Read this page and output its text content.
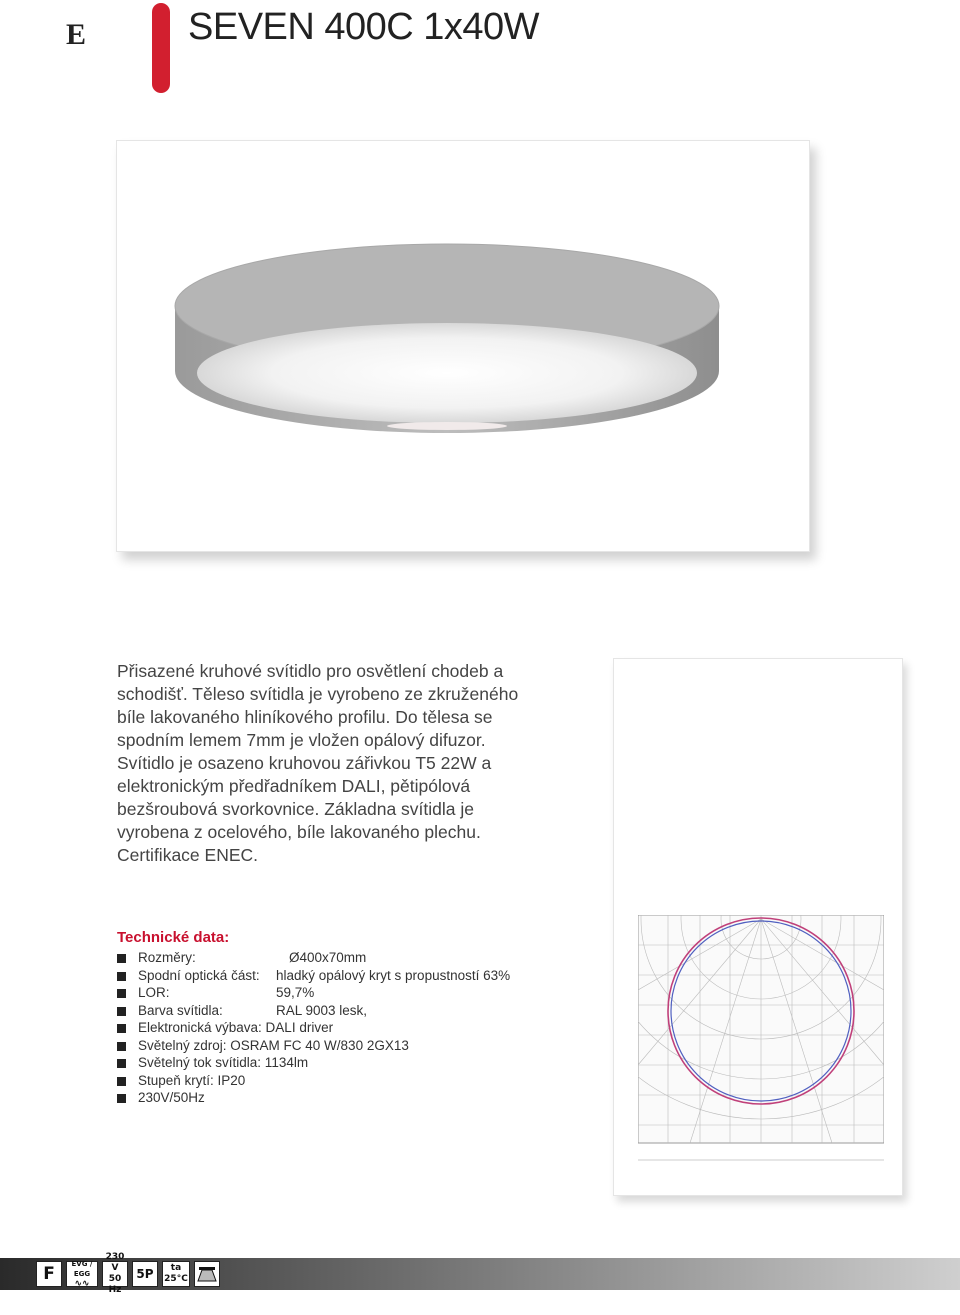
E	SEVEN 400C 1x40W
Přisazené kruhové svítidlo pro osvětlení chodeb a schodišť. Těleso svítidla je vyrobeno ze zkruženého bíle lakovaného hliníkového profilu. Do tělesa se spodním lemem 7mm je vložen opálový difuzor. Svítidlo je osazeno kruhovou zářivkou T5 22W a elektronickým předřadníkem DALI, pětipólová bezšroubová svorkovnice. Základna svítidla je vyrobena z ocelového, bíle lakovaného plechu. Certifikace ENEC.
Technické data:
Rozměry:	Ø400x70mm
Spodní optická část: hladký opálový kryt s propustností 63%
LOR:	59,7%
Barva svítidla:	RAL 9003 lesk,
Elektronická výbava: DALI driver
Světelný zdroj: OSRAM FC 40 W/830 2GX13
Světelný tok svítidla: 1134lm
Stupeň krytí: IP20
230V/50Hz
F	EVG / EGG
∿∿
230 V
50 Hz
5P ta
25°C
